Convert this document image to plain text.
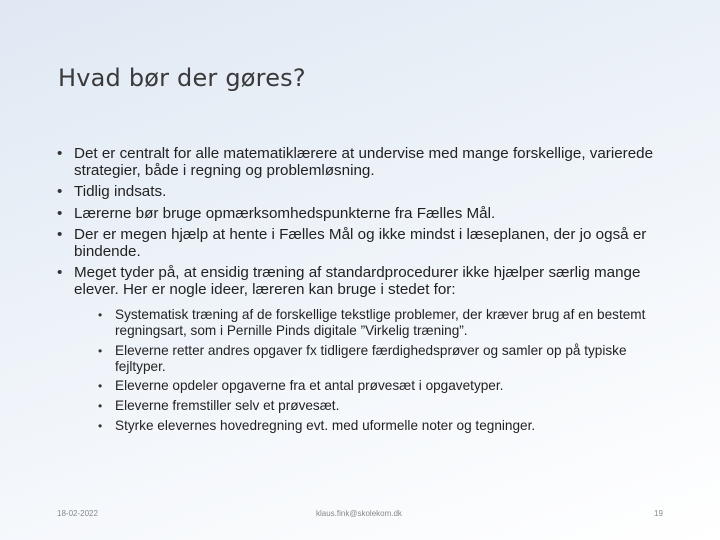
Hvad bør der gøres?
• Det er centralt for alle matematiklærere at undervise med mange forskellige, varierede strategier, både i regning og problemløsning.
• Tidlig indsats.
• Lærerne bør bruge opmærksomhedspunkterne fra Fælles Mål.
• Der er megen hjælp at hente i Fælles Mål og ikke mindst i læseplanen, der jo også er bindende.
• Meget tyder på, at ensidig træning af standardprocedurer ikke hjælper særlig mange elever. Her er nogle ideer, læreren kan bruge i stedet for:
• Systematisk træning af de forskellige tekstlige problemer, der kræver brug af en bestemt regningsart, som i Pernille Pinds digitale ”Virkelig træning”.
• Eleverne retter andres opgaver fx tidligere færdighedsprøver og samler op på typiske fejltyper.
• Eleverne opdeler opgaverne fra et antal prøvesæt i opgavetyper.
• Eleverne fremstiller selv et prøvesæt.
• Styrke elevernes hovedregning evt. med uformelle noter og tegninger.
18-02-2022	klaus.fink@skolekom.dk	19
